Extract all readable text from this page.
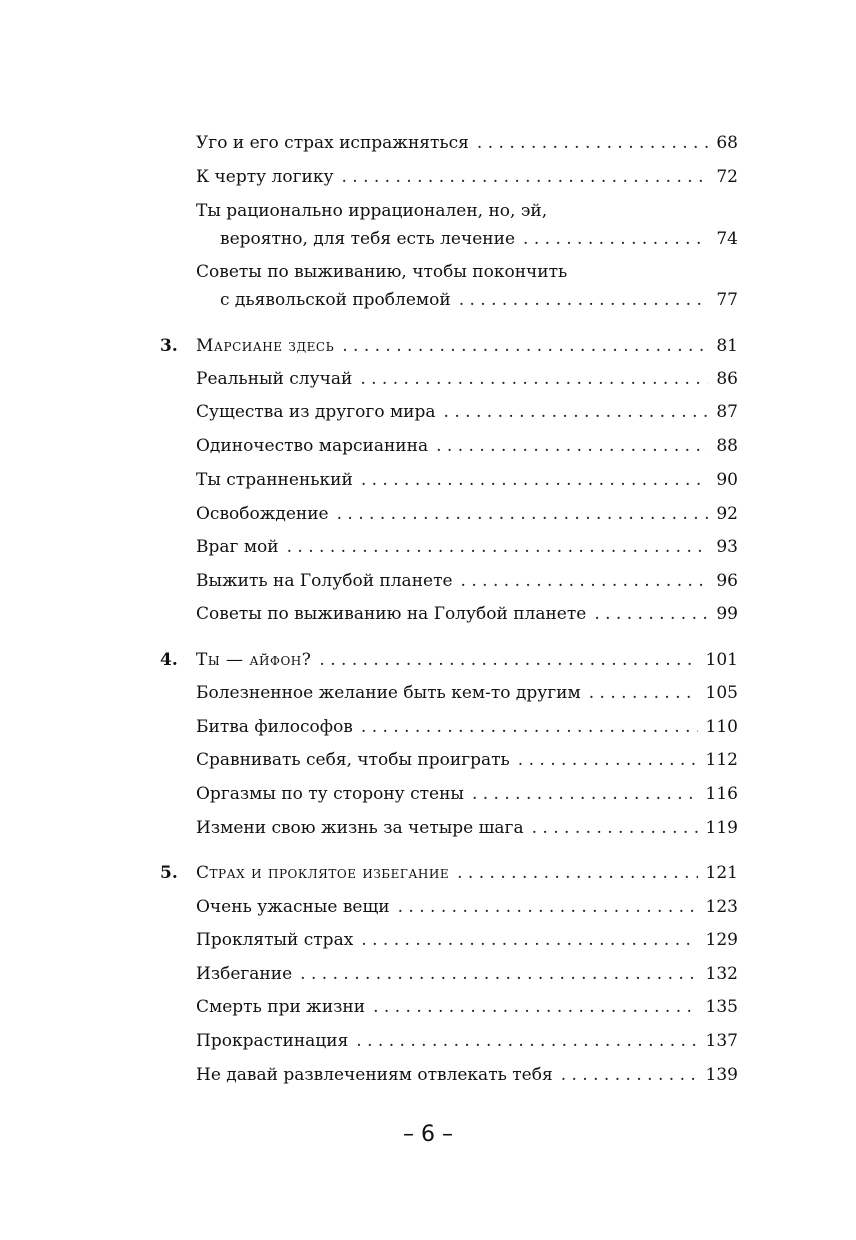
Уго и его страх испражняться . . .	68
К черту логику . . .	72
Ты рационально иррационален, но, эй,
вероятно, для тебя есть лечение . . .	74
Советы по выживанию, чтобы покончить
с дьявольской проблемой . . .	77
3. Марсиане здесь . . .	81
Реальный случай . . .	86
Существа из другого мира . . .	87
Одиночество марсианина . . .	88
Ты странненький . . .	90
Освобождение . . .	92
Враг мой . . .	93
Выжить на Голубой планете . . .	96
Советы по выживанию на Голубой планете . . .	99
4. Ты — айфон? . . .	101
Болезненное желание быть кем-то другим . . .	105
Битва философов . . .	110
Сравнивать себя, чтобы проиграть . . .	112
Оргазмы по ту сторону стены . . .	116
Измени свою жизнь за четыре шага . . .	119
5. Страх и проклятое избегание . . .	121
Очень ужасные вещи . . .	123
Проклятый страх . . .	129
Избегание . . .	132
Смерть при жизни . . .	135
Прокрастинация . . .	137
Не давай развлечениям отвлекать тебя . . .	139
– 6 –
